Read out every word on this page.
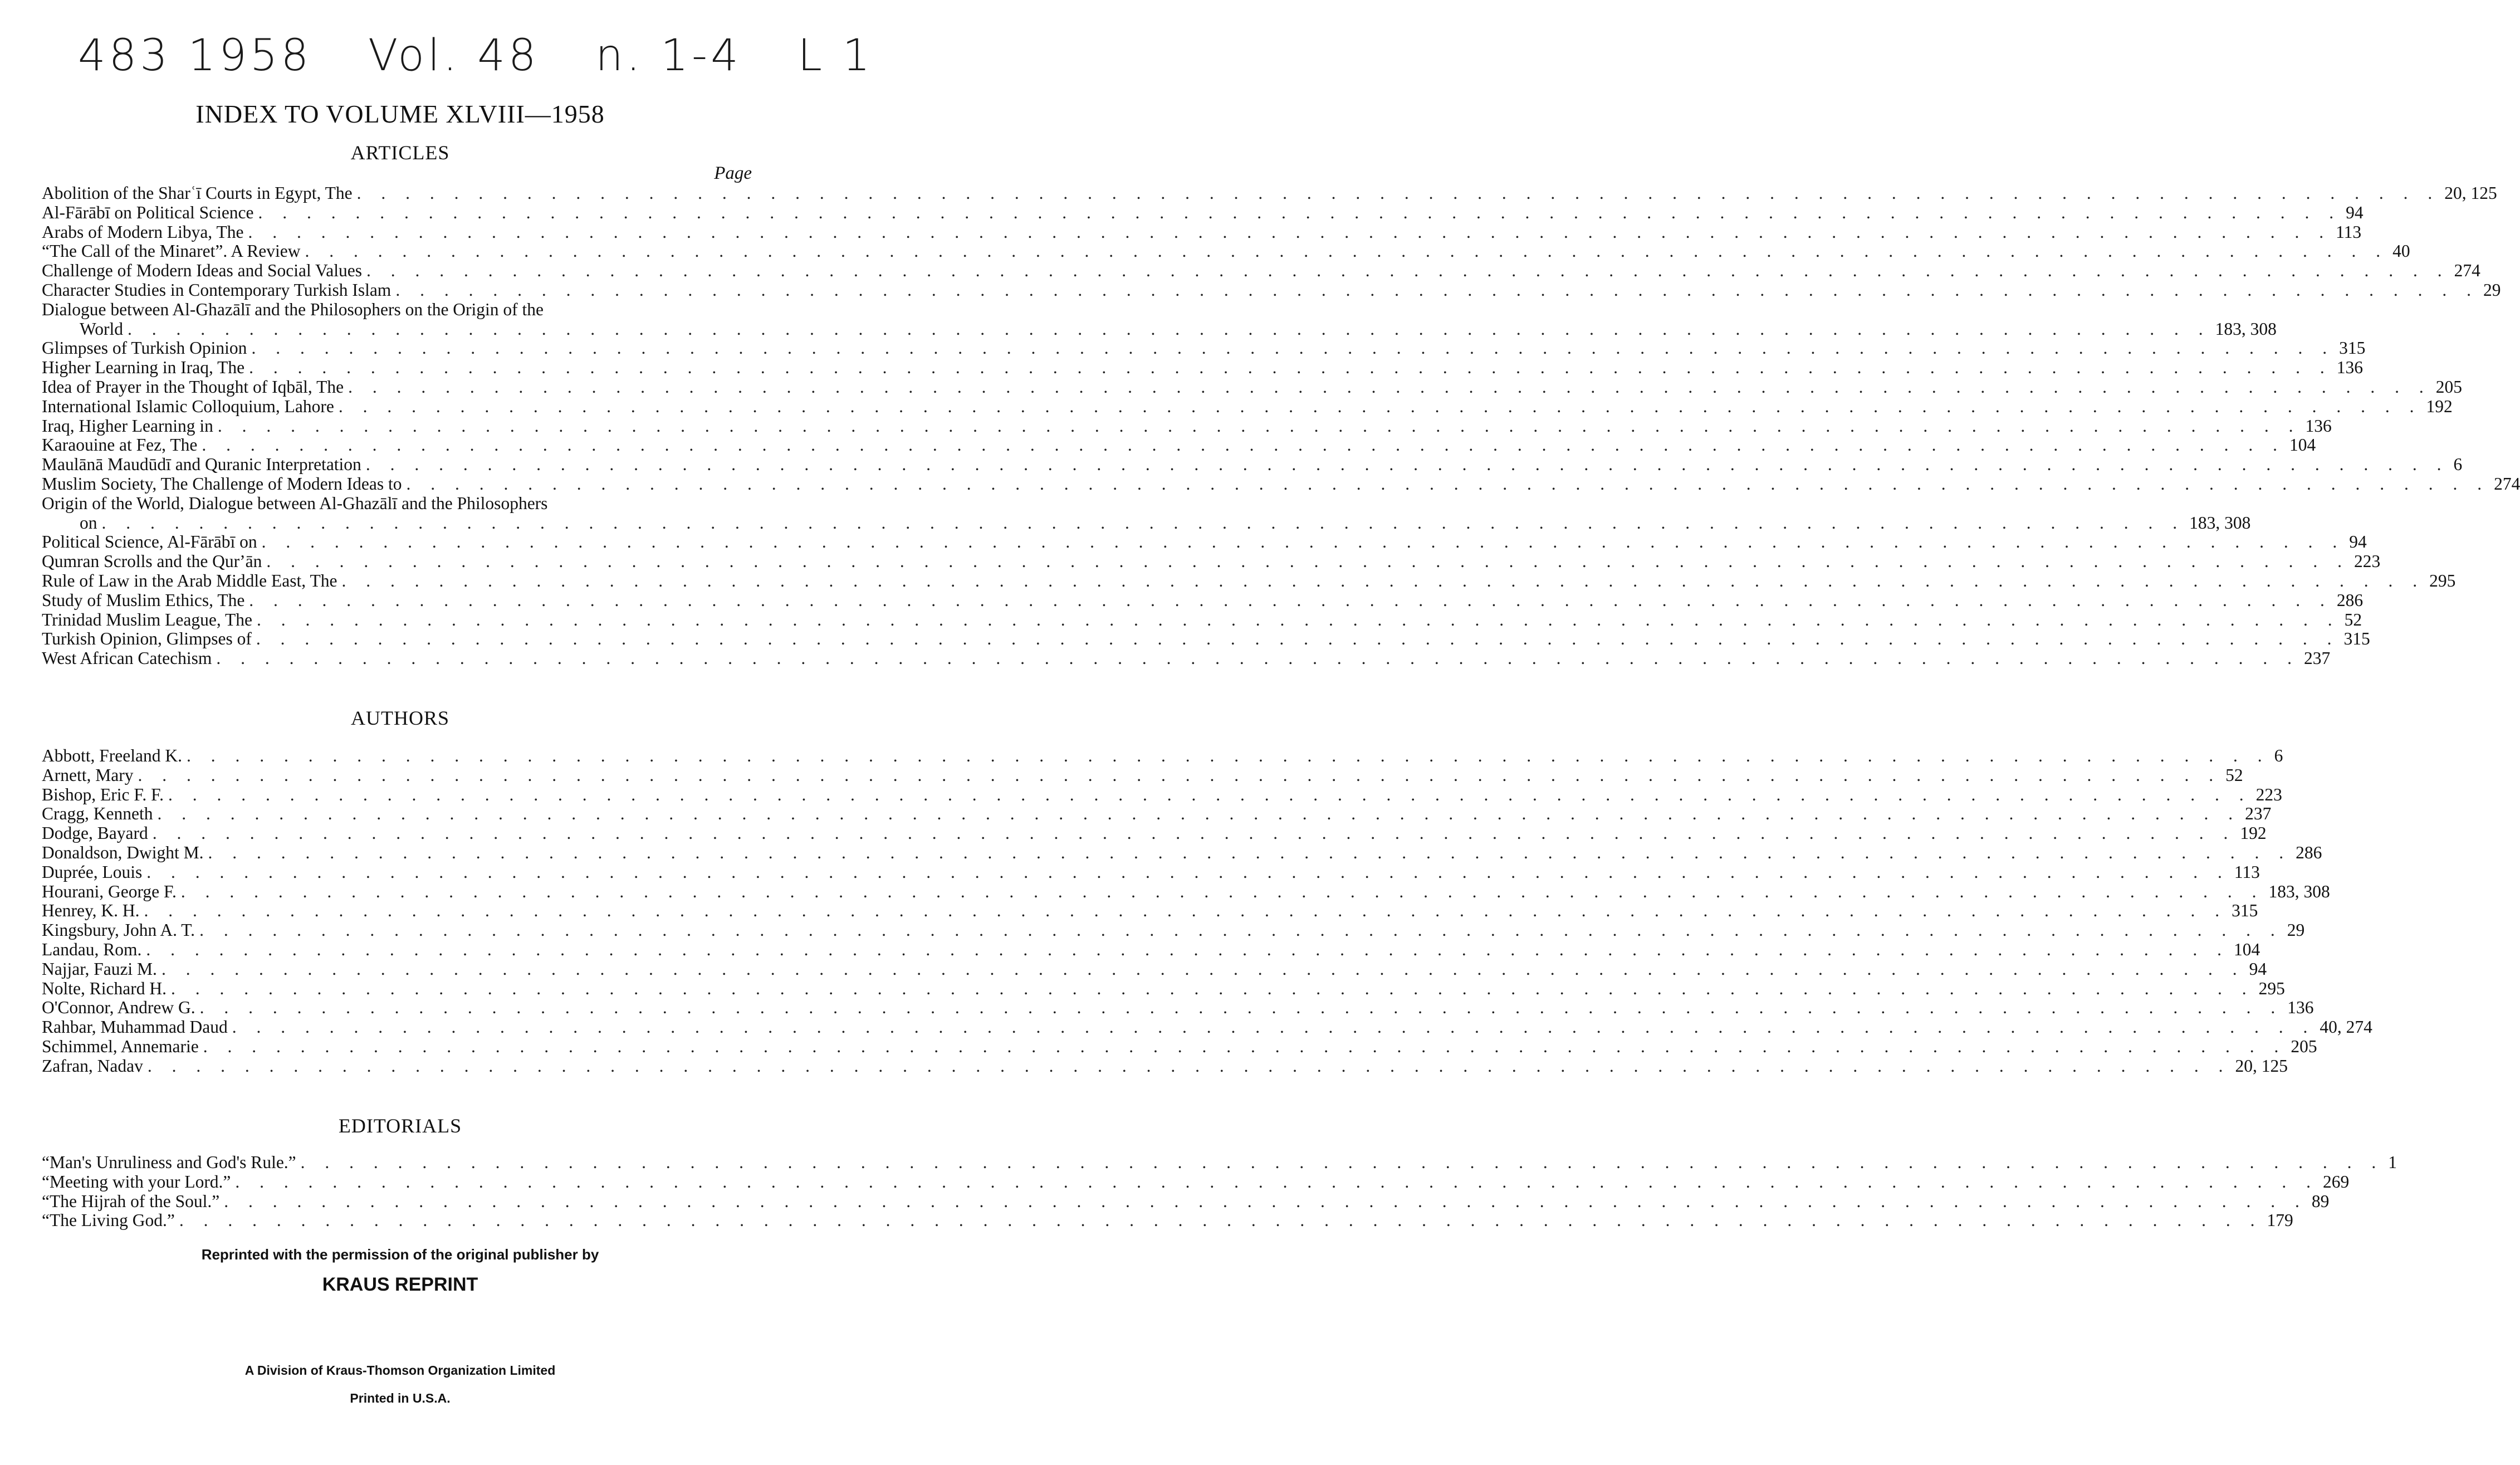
483 1958 Vol. 48 n. 1-4 L 1
INDEX TO VOLUME XLVIII—1958
ARTICLES
Page
Abolition of the Sharʿī Courts in Egypt, The . . .	20, 125
Al-Fārābī on Political Science . . .	94
Arabs of Modern Libya, The . . .	113
“The Call of the Minaret”. A Review . . .	40
Challenge of Modern Ideas and Social Values . . .	274
Character Studies in Contemporary Turkish Islam . . .	29
Dialogue between Al-Ghazālī and the Philosophers on the Origin of the
World . . .	183, 308
Glimpses of Turkish Opinion . . .	315
Higher Learning in Iraq, The . . .	136
Idea of Prayer in the Thought of Iqbāl, The . . .	205
International Islamic Colloquium, Lahore . . .	192
Iraq, Higher Learning in . . .	136
Karaouine at Fez, The . . .	104
Maulānā Maudūdī and Quranic Interpretation . . .	6
Muslim Society, The Challenge of Modern Ideas to . . .	274
Origin of the World, Dialogue between Al-Ghazālī and the Philosophers
on . . .	183, 308
Political Science, Al-Fārābī on . . .	94
Qumran Scrolls and the Qurʼān . . .	223
Rule of Law in the Arab Middle East, The . . .	295
Study of Muslim Ethics, The . . .	286
Trinidad Muslim League, The . . .	52
Turkish Opinion, Glimpses of . . .	315
West African Catechism . . .	237
AUTHORS
Abbott, Freeland K. . . .	6
Arnett, Mary . . .	52
Bishop, Eric F. F. . . .	223
Cragg, Kenneth . . .	237
Dodge, Bayard . . .	192
Donaldson, Dwight M. . . .	286
Duprée, Louis . . .	113
Hourani, George F. . . .	183, 308
Henrey, K. H. . . .	315
Kingsbury, John A. T. . . .	29
Landau, Rom. . . .	104
Najjar, Fauzi M. . . .	94
Nolte, Richard H. . . .	295
O'Connor, Andrew G. . . .	136
Rahbar, Muhammad Daud . . .	40, 274
Schimmel, Annemarie . . .	205
Zafran, Nadav . . .	20, 125
EDITORIALS
“Man's Unruliness and God's Rule.” . . .	1
“Meeting with your Lord.” . . .	269
“The Hijrah of the Soul.” . . .	89
“The Living God.” . . .	179
Reprinted with the permission of the original publisher by
KRAUS REPRINT
A Division of Kraus-Thomson Organization Limited
Printed in U.S.A.
